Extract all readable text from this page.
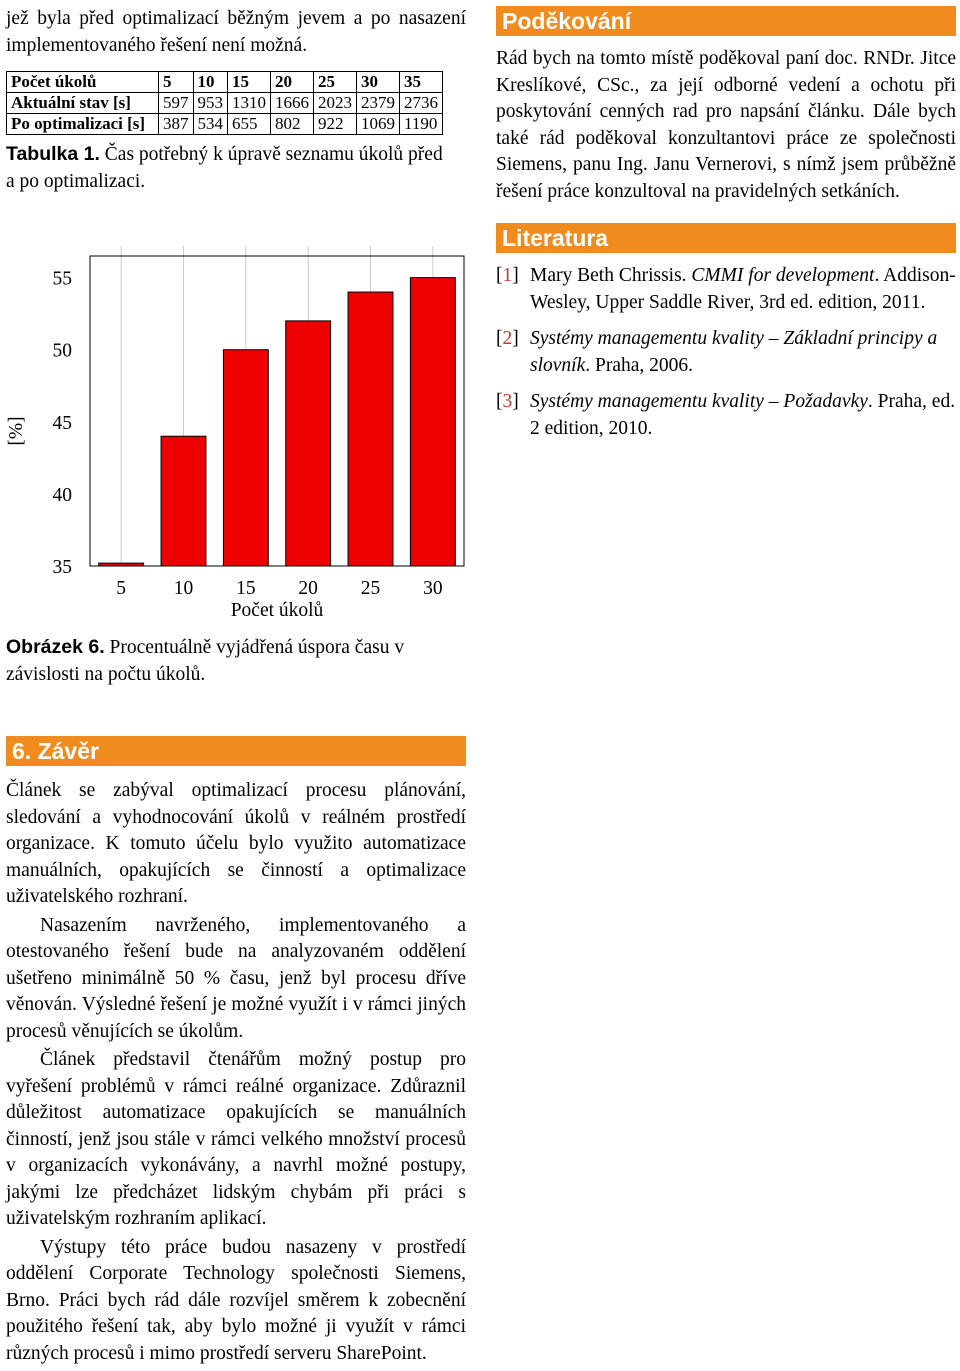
jež byla před optimalizací běžným jevem a po nasazení implementovaného řešení není možná.

Počet úkolů	5	10	15	20	25	30	35
Aktuální stav [s]	597	953	1310	1666	2023	2379	2736
Po optimalizaci [s]	387	534	655	802	922	1069	1190

Tabulka 1. Čas potřebný k úpravě seznamu úkolů před a po optimalizaci.

35
40
45
50
55
5 10 15 20 25 30
Počet úkolů
[%]

Obrázek 6. Procentuálně vyjádřená úspora času v závislosti na počtu úkolů.

6. Závěr

Článek se zabýval optimalizací procesu plánování, sledování a vyhodnocování úkolů v reálném prostředí organizace. K tomuto účelu bylo využito automatizace manuálních, opakujících se činností a optimalizace uživatelského rozhraní.

Nasazením navrženého, implementovaného a otestovaného řešení bude na analyzovaném oddělení ušetřeno minimálně 50 % času, jenž byl procesu dříve věnován. Výsledné řešení je možné využít i v rámci jiných procesů věnujících se úkolům.

Článek představil čtenářům možný postup pro vyřešení problémů v rámci reálné organizace. Zdůraznil důležitost automatizace opakujících se manuálních činností, jenž jsou stále v rámci velkého množství procesů v organizacích vykonávány, a navrhl možné postupy, jakými lze předcházet lidským chybám při práci s uživatelským rozhraním aplikací.

Výstupy této práce budou nasazeny v prostředí oddělení Corporate Technology společnosti Siemens, Brno. Práci bych rád dále rozvíjel směrem k zobecnění použitého řešení tak, aby bylo možné ji využít v rámci různých procesů i mimo prostředí serveru SharePoint.

Poděkování

Rád bych na tomto místě poděkoval paní doc. RNDr. Jitce Kreslíkové, CSc., za její odborné vedení a ochotu při poskytování cenných rad pro napsání článku. Dále bych také rád poděkoval konzultantovi práce ze společnosti Siemens, panu Ing. Janu Vernerovi, s nímž jsem průběžně řešení práce konzultoval na pravidelných setkáních.

Literatura
[1] Mary Beth Chrissis. CMMI for development. Addison-Wesley, Upper Saddle River, 3rd ed. edition, 2011.
[2] Systémy managementu kvality – Základní principy a slovník. Praha, 2006.
[3] Systémy managementu kvality – Požadavky. Praha, ed. 2 edition, 2010.
